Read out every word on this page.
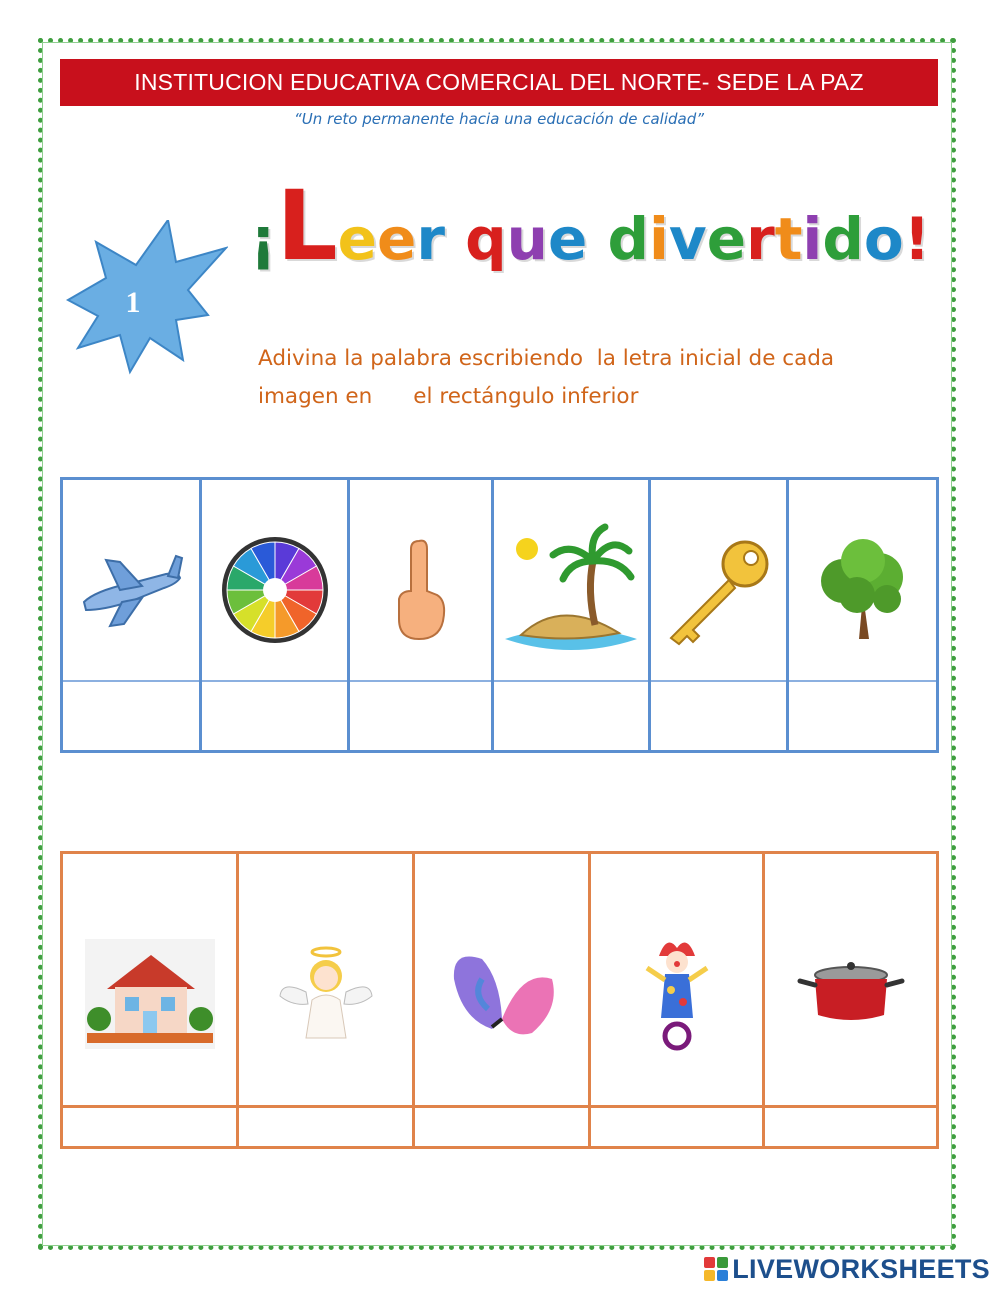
INSTITUCION EDUCATIVA COMERCIAL DEL NORTE- SEDE LA PAZ
“Un reto permanente hacia una educación de calidad”
1
¡Leer que divertido!
Adivina la palabra escribiendo  la letra inicial de cada
imagen en      el rectángulo inferior
LIVEWORKSHEETS
